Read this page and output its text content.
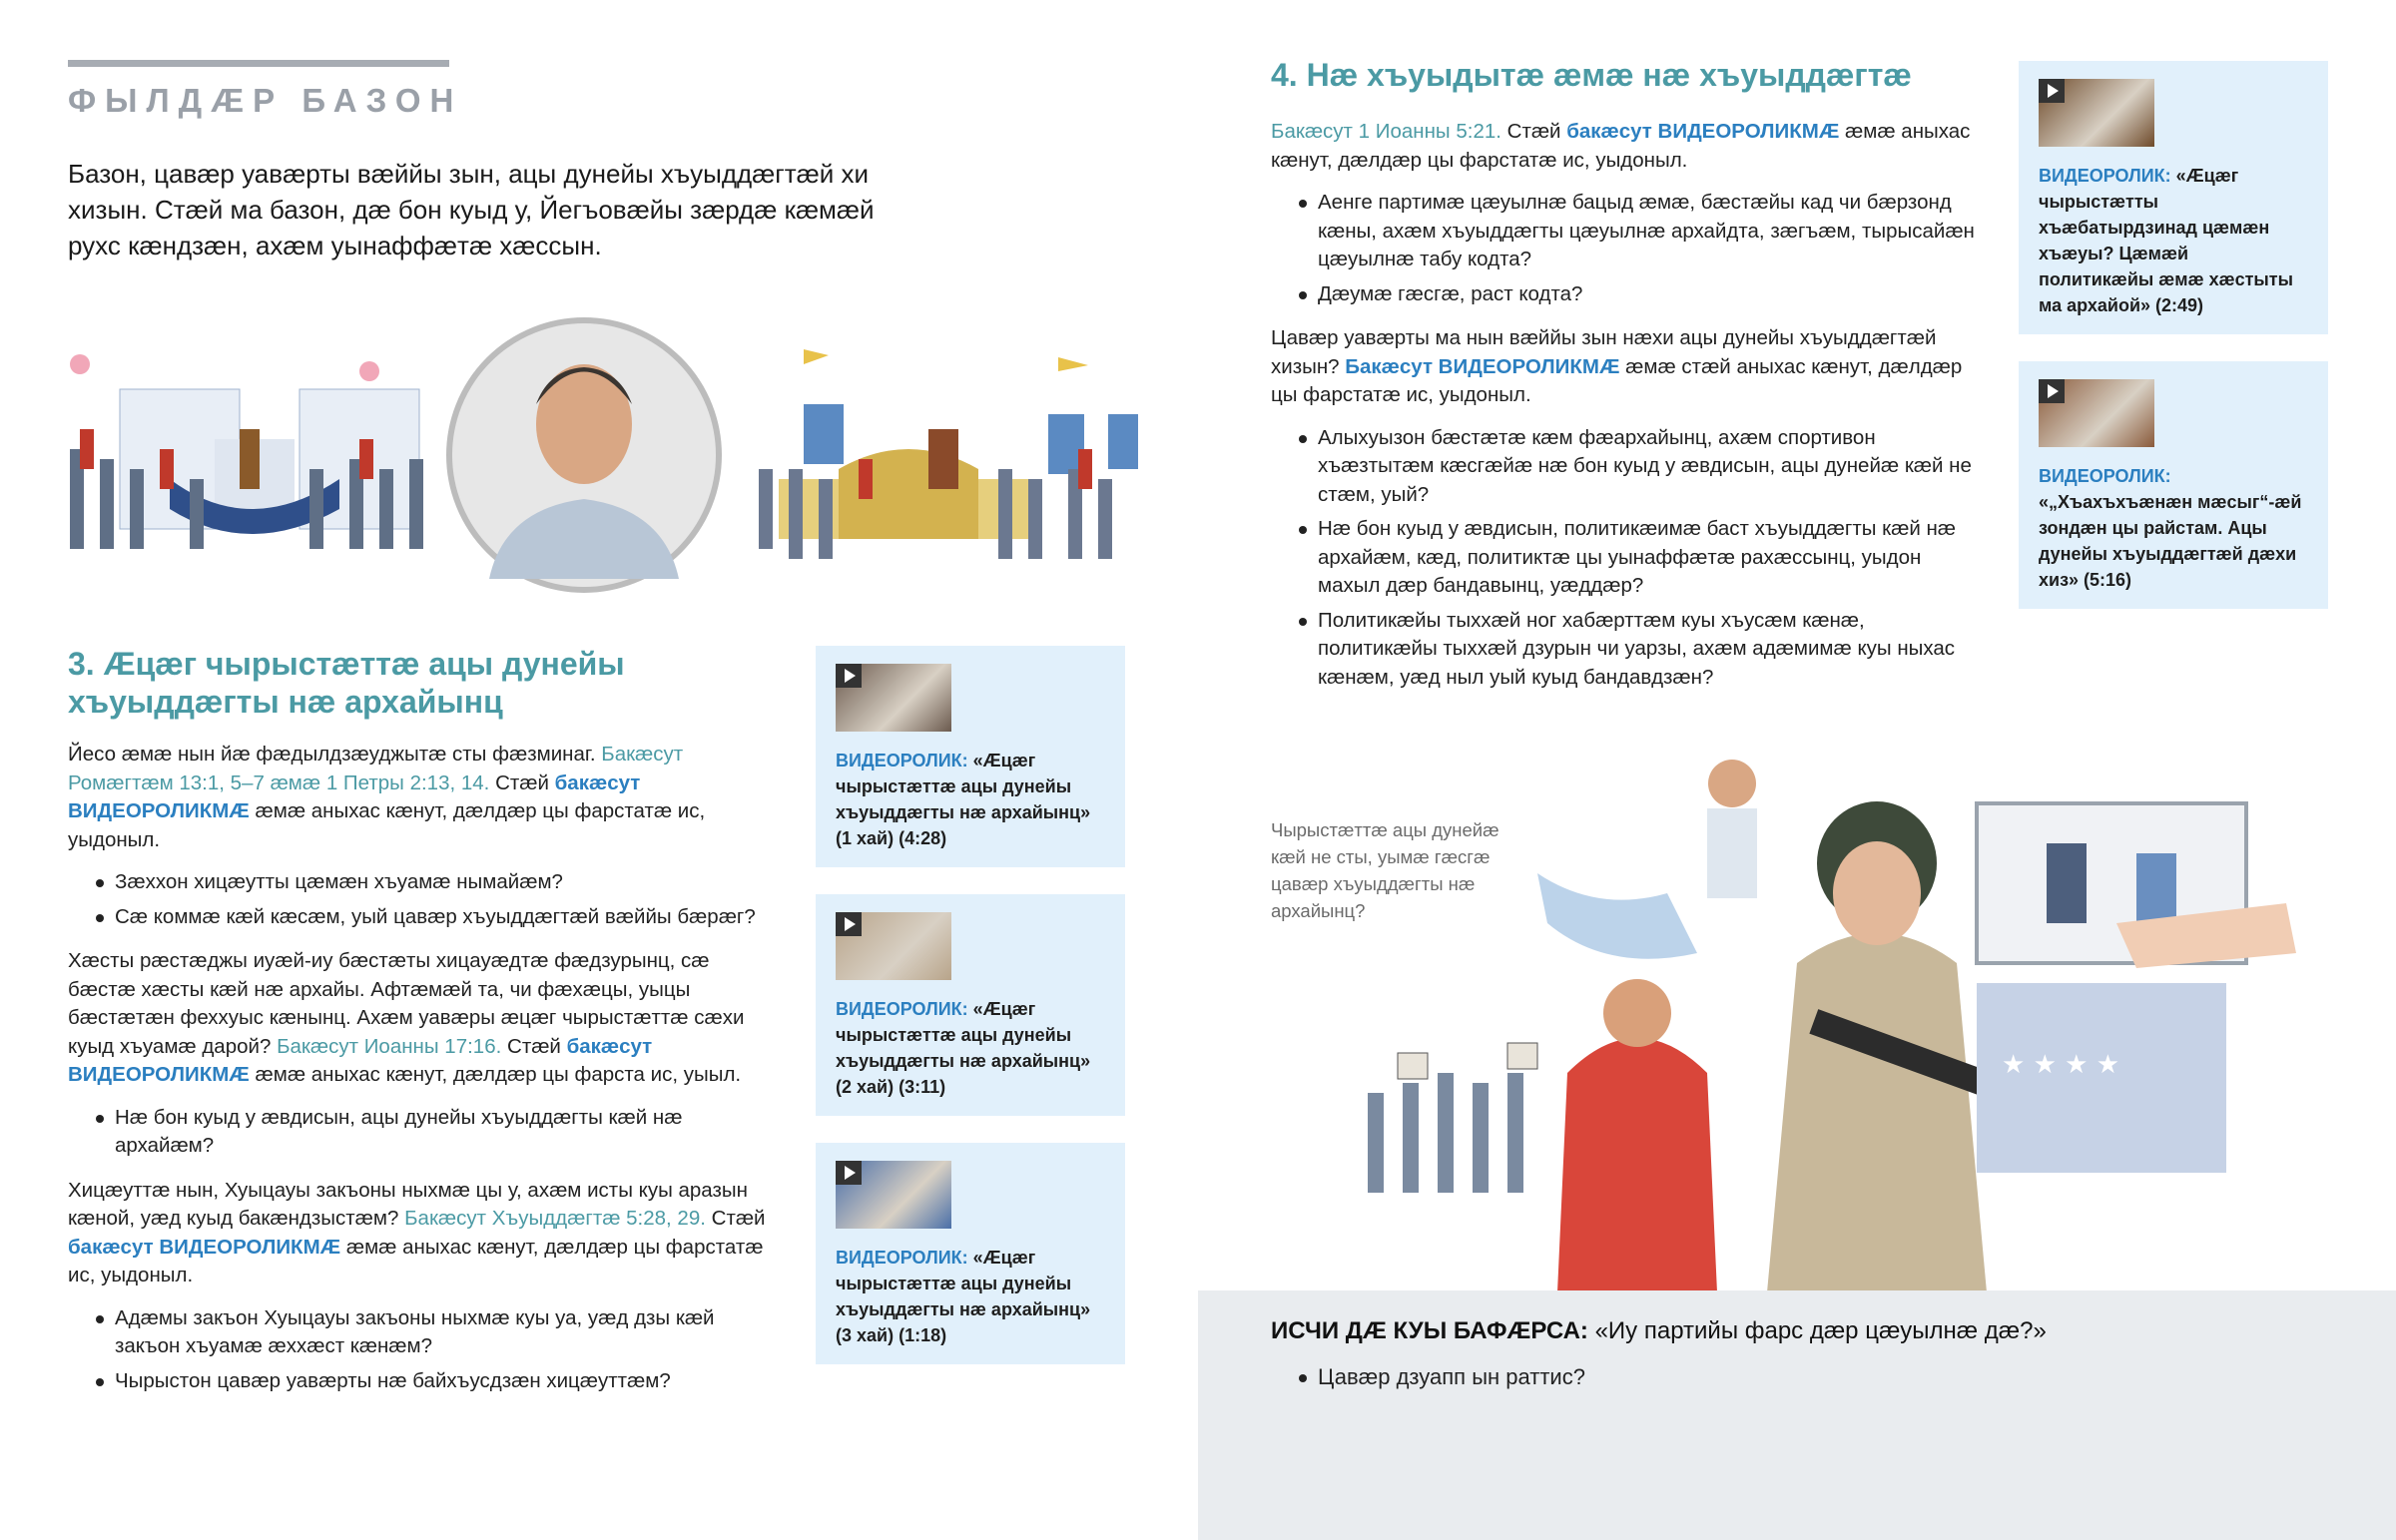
ФЫЛДÆР БАЗОН
Базон, цавæр уавæрты вæййы зын, ацы дунейы хъуыддæгтæй хи хизын. Стæй ма базон, дæ бон куыд у, Йегъовæйы зæрдæ кæмæй рухс кæндзæн, ахæм уынаффæтæ хæссын.
3. Æцæг чырыстæттæ ацы дунейы хъуыддæгты нæ архайынц

Йесо æмæ нын йæ фæдылдзæуджытæ сты фæзминаг. Бакæсут Ромæгтæм 13:1, 5–7 æмæ 1 Петры 2:13, 14. Стæй бакæсут ВИДЕОРОЛИКМÆ æмæ аныхас кæнут, дæлдæр цы фарстатæ ис, уыдоныл.

Зæххон хицæутты цæмæн хъуамæ нымайæм?
Сæ коммæ кæй кæсæм, уый цавæр хъуыддæгтæй вæййы бæрæг?

Хæсты рæстæджы иуæй-иу бæстæты хицауæдтæ фæдзурынц, сæ бæстæ хæсты кæй нæ архайы. Афтæмæй та, чи фæхæцы, уыцы бæстæтæн феххуыс кæнынц. Ахæм уавæры æцæг чырыстæттæ сæхи куыд хъуамæ дарой? Бакæсут Иоанны 17:16. Стæй бакæсут ВИДЕОРОЛИКМÆ æмæ аныхас кæнут, дæлдæр цы фарста ис, уыыл.

Нæ бон куыд у æвдисын, ацы дунейы хъуыддæгты кæй нæ архайæм?

Хицæуттæ нын, Хуыцауы закъоны ныхмæ цы у, ахæм исты куы аразын кæной, уæд куыд бакæндзыстæм? Бакæсут Хъуыддæгтæ 5:28, 29. Стæй бакæсут ВИДЕОРОЛИКМÆ æмæ аныхас кæнут, дæлдæр цы фарстатæ ис, уыдоныл.

Адæмы закъон Хуыцауы закъоны ныхмæ куы уа, уæд дзы кæй закъон хъуамæ æххæст кæнæм?
Чырыстон цавæр уавæрты нæ байхъусдзæн хицæуттæм?
ВИДЕОРОЛИК: «Æцæг чырыстæттæ ацы дунейы хъуыддæгты нæ архайынц» (1 хай) (4:28)
ВИДЕОРОЛИК: «Æцæг чырыстæттæ ацы дунейы хъуыддæгты нæ архайынц» (2 хай) (3:11)
ВИДЕОРОЛИК: «Æцæг чырыстæттæ ацы дунейы хъуыддæгты нæ архайынц» (3 хай) (1:18)
4. Нæ хъуыдытæ æмæ нæ хъуыддæгтæ

Бакæсут 1 Иоанны 5:21. Стæй бакæсут ВИДЕОРОЛИКМÆ æмæ аныхас кæнут, дæлдæр цы фарстатæ ис, уыдоныл.

Аенге партимæ цæуылнæ бацыд æмæ, бæстæйы кад чи бæрзонд кæны, ахæм хъуыддæгты цæуылнæ архайдта, зæгъæм, тырысайæн цæуылнæ табу кодта?
Дæумæ гæсгæ, раст кодта?

Цавæр уавæрты ма нын вæййы зын нæхи ацы дунейы хъуыддæгтæй хизын? Бакæсут ВИДЕОРОЛИКМÆ æмæ стæй аныхас кæнут, дæлдæр цы фарстатæ ис, уыдоныл.

Алыхуызон бæстæтæ кæм фæархайынц, ахæм спортивон хъæзтытæм кæсгæйæ нæ бон куыд у æвдисын, ацы дунейæ кæй не стæм, уый?
Нæ бон куыд у æвдисын, политикæимæ баст хъуыддæгты кæй нæ архайæм, кæд, политиктæ цы уынаффæтæ рахæссынц, уыдон махыл дæр бандавынц, уæддæр?
Политикæйы тыххæй ног хабæрттæм куы хъусæм кæнæ, политикæйы тыххæй дзурын чи уарзы, ахæм адæмимæ куы ныхас кæнæм, уæд ныл уый куыд бандавдзæн?
ВИДЕОРОЛИК: «Æцæг чырыстæтты хъæбатырдзинад цæмæн хъæуы? Цæмæй политикæйы æмæ хæстыты ма архайой» (2:49)
ВИДЕОРОЛИК: «„Хъахъхъæнæн мæсыг“-æй зондæн цы райстам. Ацы дунейы хъуыддæгтæй дæхи хиз» (5:16)
Чырыстæттæ ацы дунейæ кæй не сты, уымæ гæсгæ цавæр хъуыддæгты нæ архайынц?
★ ★ ★ ★
ИСЧИ ДÆ КУЫ БАФÆРСА: «Иу партийы фарс дæр цæуылнæ дæ?»
Цавæр дзуапп ын раттис?
